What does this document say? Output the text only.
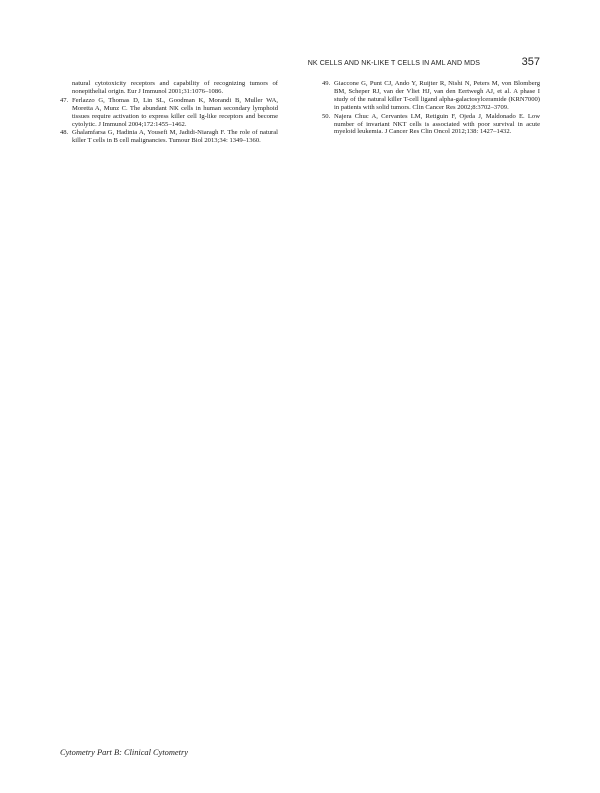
NK CELLS AND NK-LIKE T CELLS IN AML AND MDS	357

natural cytotoxicity receptors and capability of recognizing tumors of nonepithelial origin. Eur J Immunol 2001;31:1076–1086.

47. Ferlazzo G, Thomas D, Lin SL, Goodman K, Morandi B, Muller WA, Moretta A, Munz C. The abundant NK cells in human secondary lymphoid tissues require activation to express killer cell Ig-like receptors and become cytolytic. J Immunol 2004;172:1455–1462.

48. Ghalamfarsa G, Hadinia A, Yousefi M, Jadidi-Niaragh F. The role of natural killer T cells in B cell malignancies. Tumour Biol 2013;34: 1349–1360.

49. Giaccone G, Punt CJ, Ando Y, Ruijter R, Nishi N, Peters M, von Blomberg BM, Scheper RJ, van der Vliet HJ, van den Eertwegh AJ, et al. A phase I study of the natural killer T-cell ligand alpha-galactosylceramide (KRN7000) in patients with solid tumors. Clin Cancer Res 2002;8:3702–3709.

50. Najera Chuc A, Cervantes LM, Retiguin F, Ojeda J, Maldonado E. Low number of invariant NKT cells is associated with poor survival in acute myeloid leukemia. J Cancer Res Clin Oncol 2012;138: 1427–1432.

Cytometry Part B: Clinical Cytometry
